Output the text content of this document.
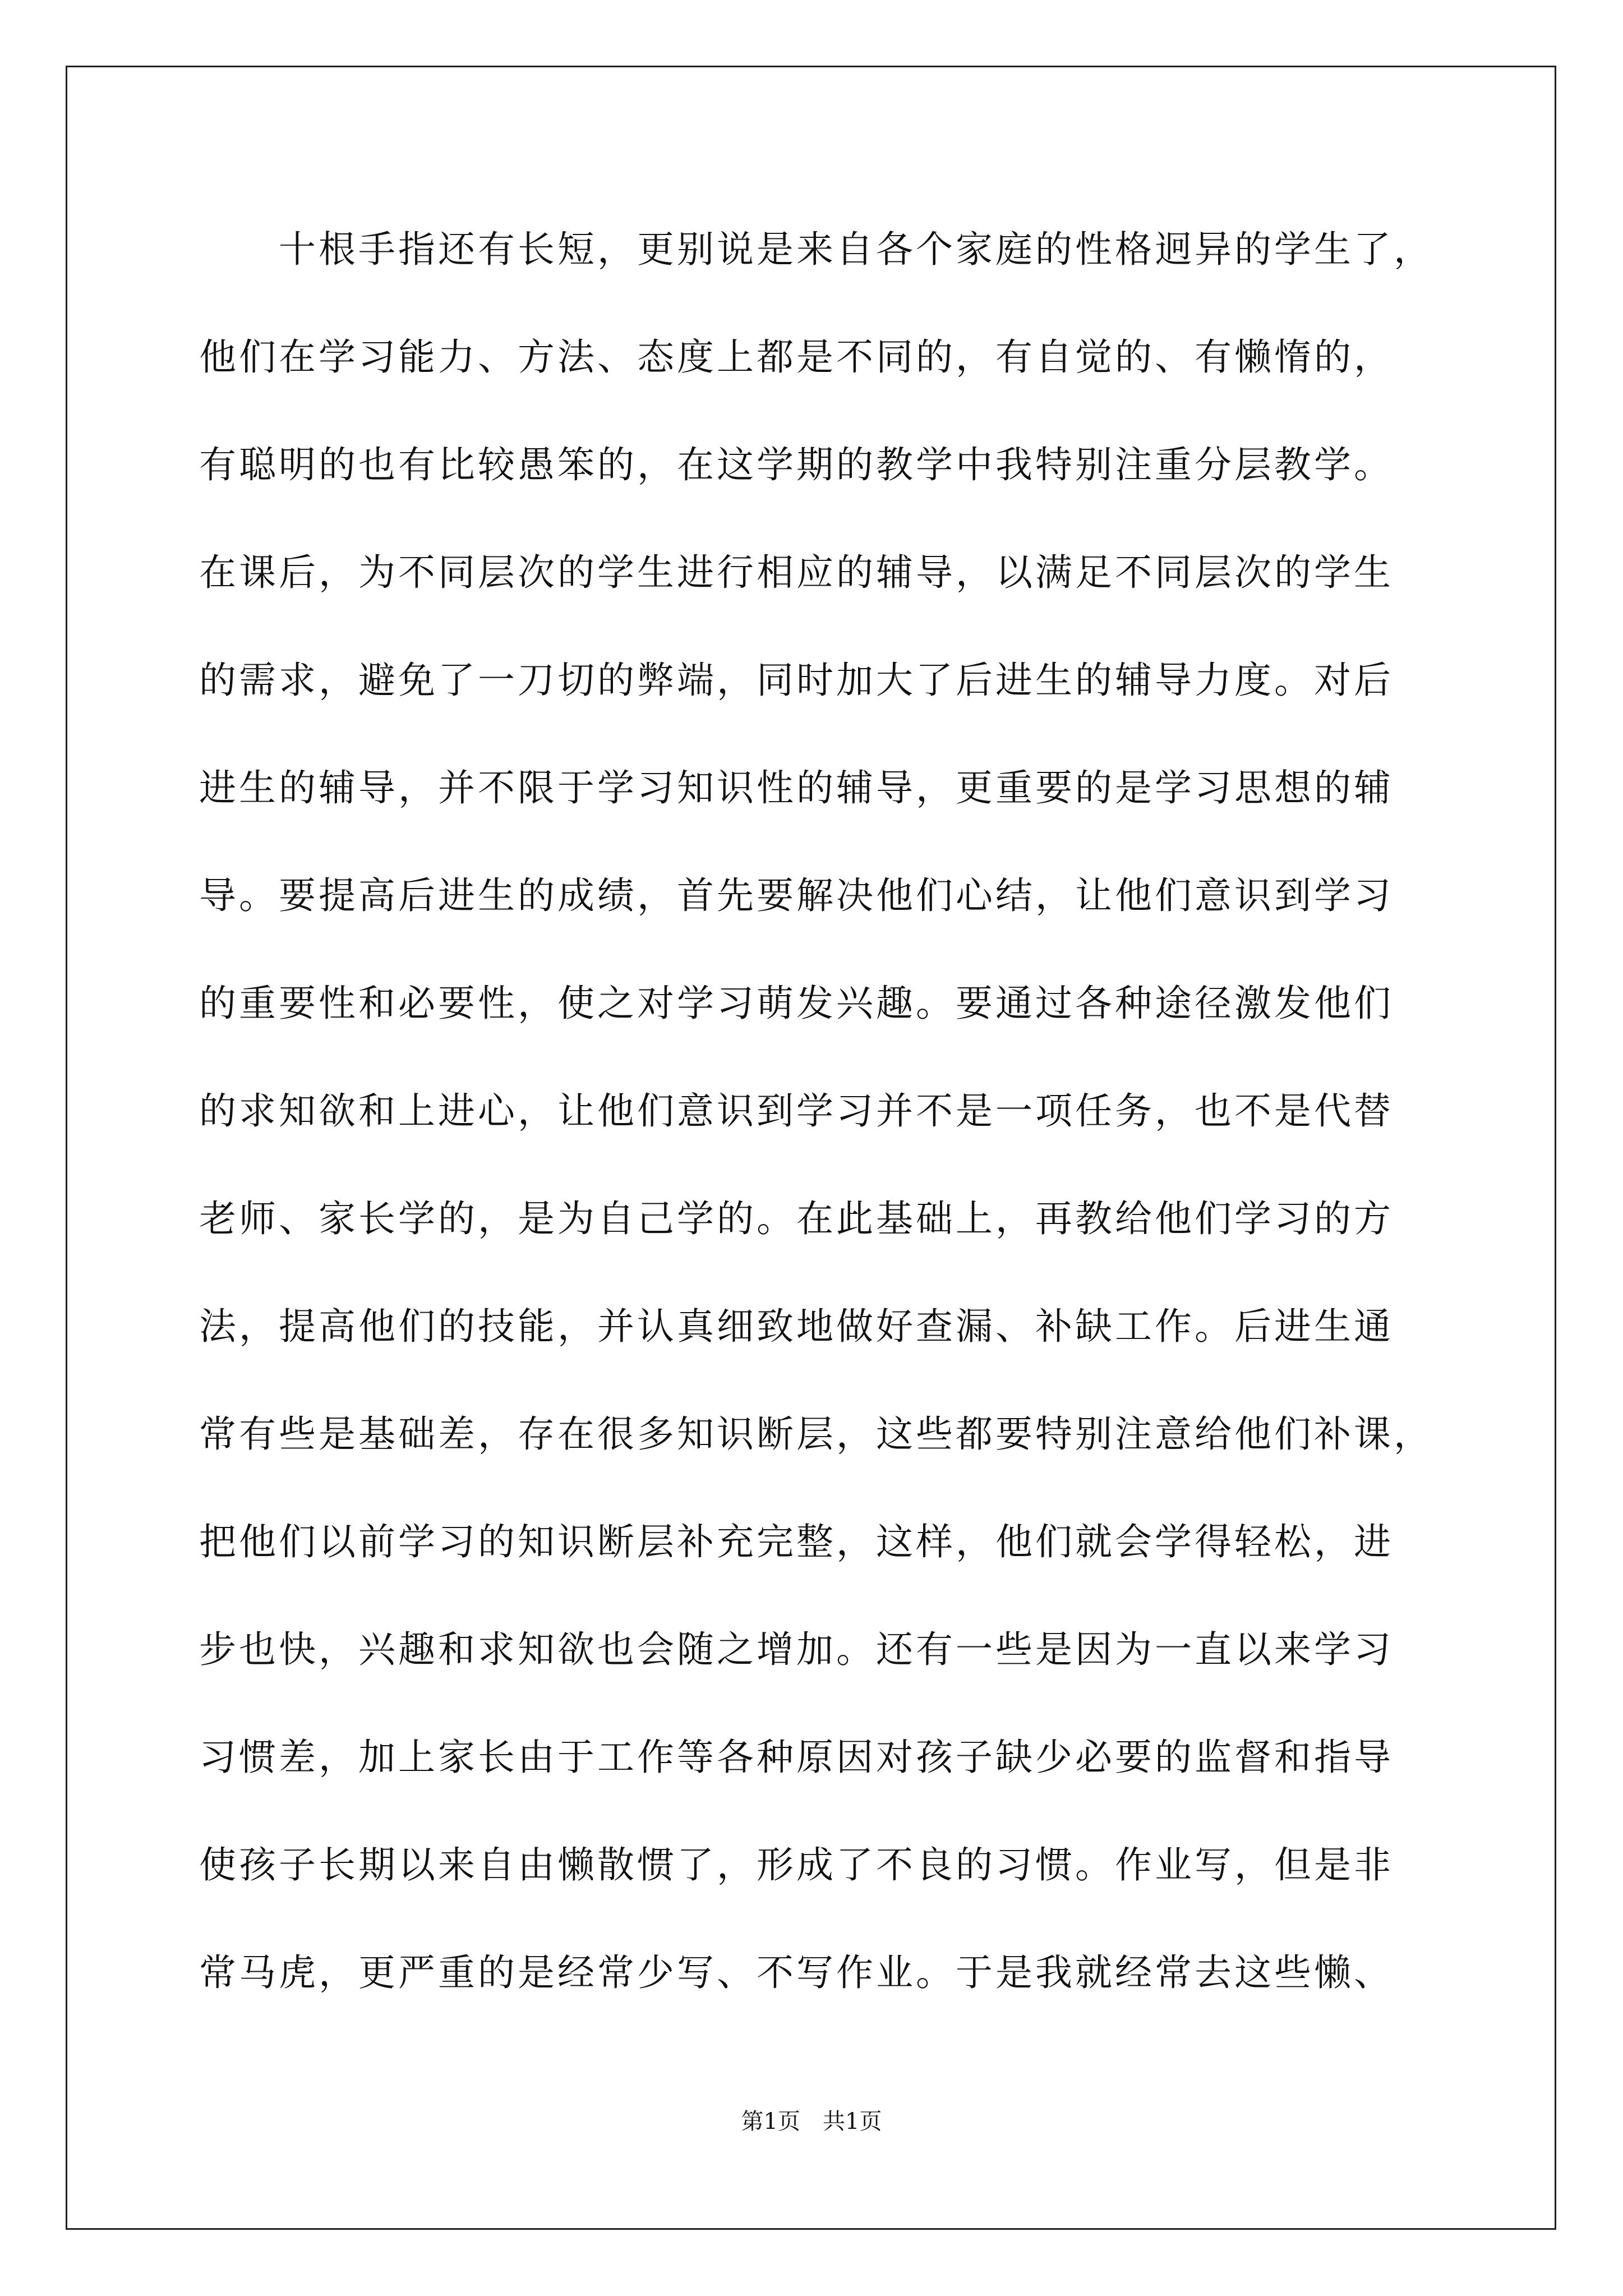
　　十根手指还有长短，更别说是来自各个家庭的性格迥异的学生了，
他们在学习能力、方法、态度上都是不同的，有自觉的、有懒惰的，
有聪明的也有比较愚笨的，在这学期的教学中我特别注重分层教学。
在课后，为不同层次的学生进行相应的辅导，以满足不同层次的学生
的需求，避免了一刀切的弊端，同时加大了后进生的辅导力度。对后
进生的辅导，并不限于学习知识性的辅导，更重要的是学习思想的辅
导。要提高后进生的成绩，首先要解决他们心结，让他们意识到学习
的重要性和必要性，使之对学习萌发兴趣。要通过各种途径激发他们
的求知欲和上进心，让他们意识到学习并不是一项任务，也不是代替
老师、家长学的，是为自己学的。在此基础上，再教给他们学习的方
法，提高他们的技能，并认真细致地做好查漏、补缺工作。后进生通
常有些是基础差，存在很多知识断层，这些都要特别注意给他们补课，
把他们以前学习的知识断层补充完整，这样，他们就会学得轻松，进
步也快，兴趣和求知欲也会随之增加。还有一些是因为一直以来学习
习惯差，加上家长由于工作等各种原因对孩子缺少必要的监督和指导
使孩子长期以来自由懒散惯了，形成了不良的习惯。作业写，但是非
常马虎，更严重的是经常少写、不写作业。于是我就经常去这些懒、
第1页　共1页
